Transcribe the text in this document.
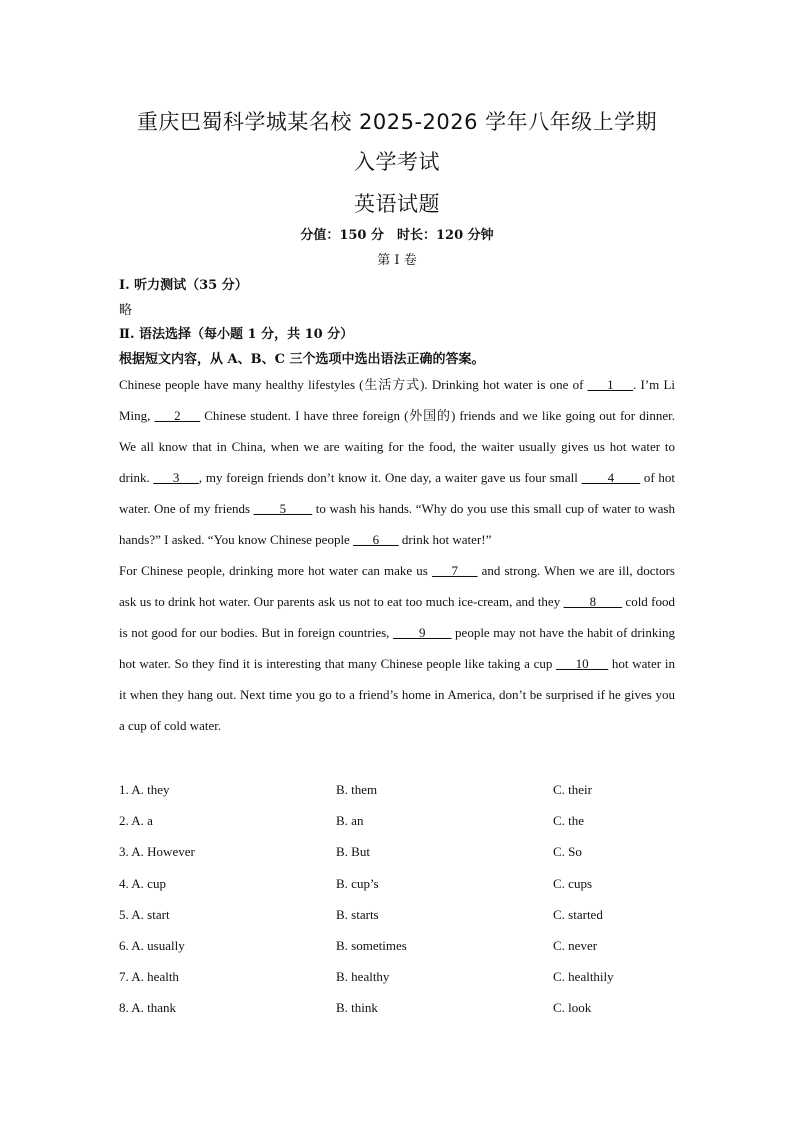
重庆巴蜀科学城某名校 2025-2026 学年八年级上学期
入学考试
英语试题
分值：150 分　时长：120 分钟
第 I 卷
Ⅰ. 听力测试（35 分）
略
Ⅱ. 语法选择（每小题 1 分，共 10 分）
根据短文内容，从 A、B、C 三个选项中选出语法正确的答案。

Chinese people have many healthy lifestyles (生活方式). Drinking hot water is one of ___1___. I’m Li Ming, ___2___ Chinese student. I have three foreign (外国的) friends and we like going out for dinner. We all know that in China, when we are waiting for the food, the waiter usually gives us hot water to drink. ___3___, my foreign friends don’t know it. One day, a waiter gave us four small ____4____ of hot water. One of my friends ____5____ to wash his hands. “Why do you use this small cup of water to wash hands?” I asked. “You know Chinese people ___6___ drink hot water!”
For Chinese people, drinking more hot water can make us ___7___ and strong. When we are ill, doctors ask us to drink hot water. Our parents ask us not to eat too much ice-cream, and they ____8____ cold food is not good for our bodies. But in foreign countries, ____9____ people may not have the habit of drinking hot water. So they find it is interesting that many Chinese people like taking a cup ___10___ hot water in it when they hang out. Next time you go to a friend’s home in America, don’t be surprised if he gives you a cup of cold water.

1. A. they	B. them	C. their
2. A. a	B. an	C. the
3. A. However	B. But	C. So
4. A. cup	B. cup’s	C. cups
5. A. start	B. starts	C. started
6. A. usually	B. sometimes	C. never
7. A. health	B. healthy	C. healthily
8. A. thank	B. think	C. look
